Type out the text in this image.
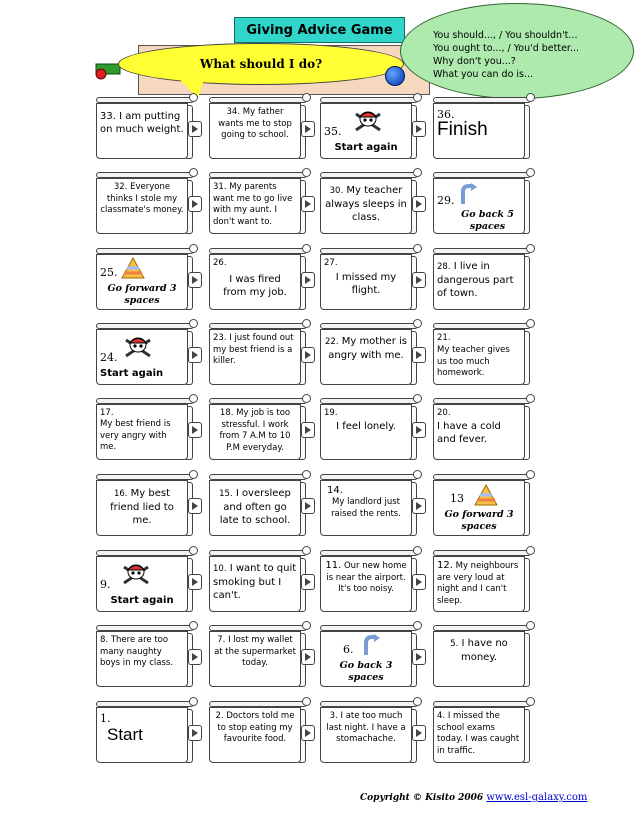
What should I do?
Giving Advice Game	You should..., / You shouldn't...
You ought to..., / You'd better...
Why don't you...?
What you can do is...
33. I am putting on much weight.
34. My father wants me to stop going to school.	35.
Start again
36.
Finish
32. Everyone thinks I stole my classmate's money.
31. My parents want me to go live with my aunt. I don't want to.
30. My teacher always sleeps in class.
29.
Go back 5 spaces
25.
Go forward 3 spaces
26.
I was fired from my job.
27.
I missed my flight.
28. I live in dangerous part of town.
24.
Start again
23. I just found out my best friend is a killer.
22. My mother is angry with me.
21.
My teacher gives us too much homework.
17.
My best friend is very angry with me.
18. My job is too stressful. I work from 7 A.M to 10 P.M everyday.
19.
I feel lonely.
20.
I have a cold and fever.
16. My best friend lied to me.
15. I oversleep and often go late to school.
14.
My landlord just raised the rents.
13
Go forward 3 spaces
9.
Start again
10. I want to quit smoking but I can't.
11. Our new home is near the airport. It's too noisy.
12. My neighbours are very loud at night and I can't sleep.
8. There are too many naughty boys in my class.
7. I lost my wallet at the supermarket today.
6.
Go back 3 spaces
5. I have no money.
1.
Start
2. Doctors told me to stop eating my favourite food.
3. I ate too much last night. I have a stomachache.
4. I missed the school exams today. I was caught in traffic.
Copyright © Kisito 2006 www.esl-galaxy.com
